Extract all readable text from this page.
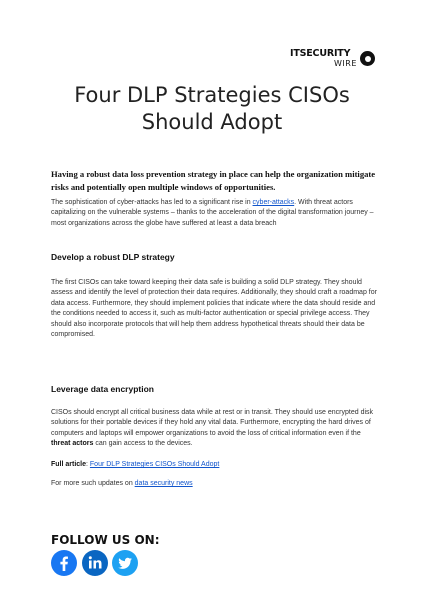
ITSECURITY
WIRE
Four DLP Strategies CISOs Should Adopt

Having a robust data loss prevention strategy in place can help the organization mitigate risks and potentially open multiple windows of opportunities.

The sophistication of cyber-attacks has led to a significant rise in cyber-attacks. With threat actors capitalizing on the vulnerable systems – thanks to the acceleration of the digital transformation journey – most organizations across the globe have suffered at least a data breach

Develop a robust DLP strategy

The first CISOs can take toward keeping their data safe is building a solid DLP strategy. They should assess and identify the level of protection their data requires. Additionally, they should craft a roadmap for data access. Furthermore, they should implement policies that indicate where the data should reside and the conditions needed to access it, such as multi-factor authentication or special privilege access. They should also incorporate protocols that will help them address hypothetical threats should their data be compromised.

Leverage data encryption

CISOs should encrypt all critical business data while at rest or in transit. They should use encrypted disk solutions for their portable devices if they hold any vital data. Furthermore, encrypting the hard drives of computers and laptops will empower organizations to avoid the loss of critical information even if the threat actors can gain access to the devices.

Full article: Four DLP Strategies CISOs Should Adopt

For more such updates on data security news

FOLLOW US ON:
